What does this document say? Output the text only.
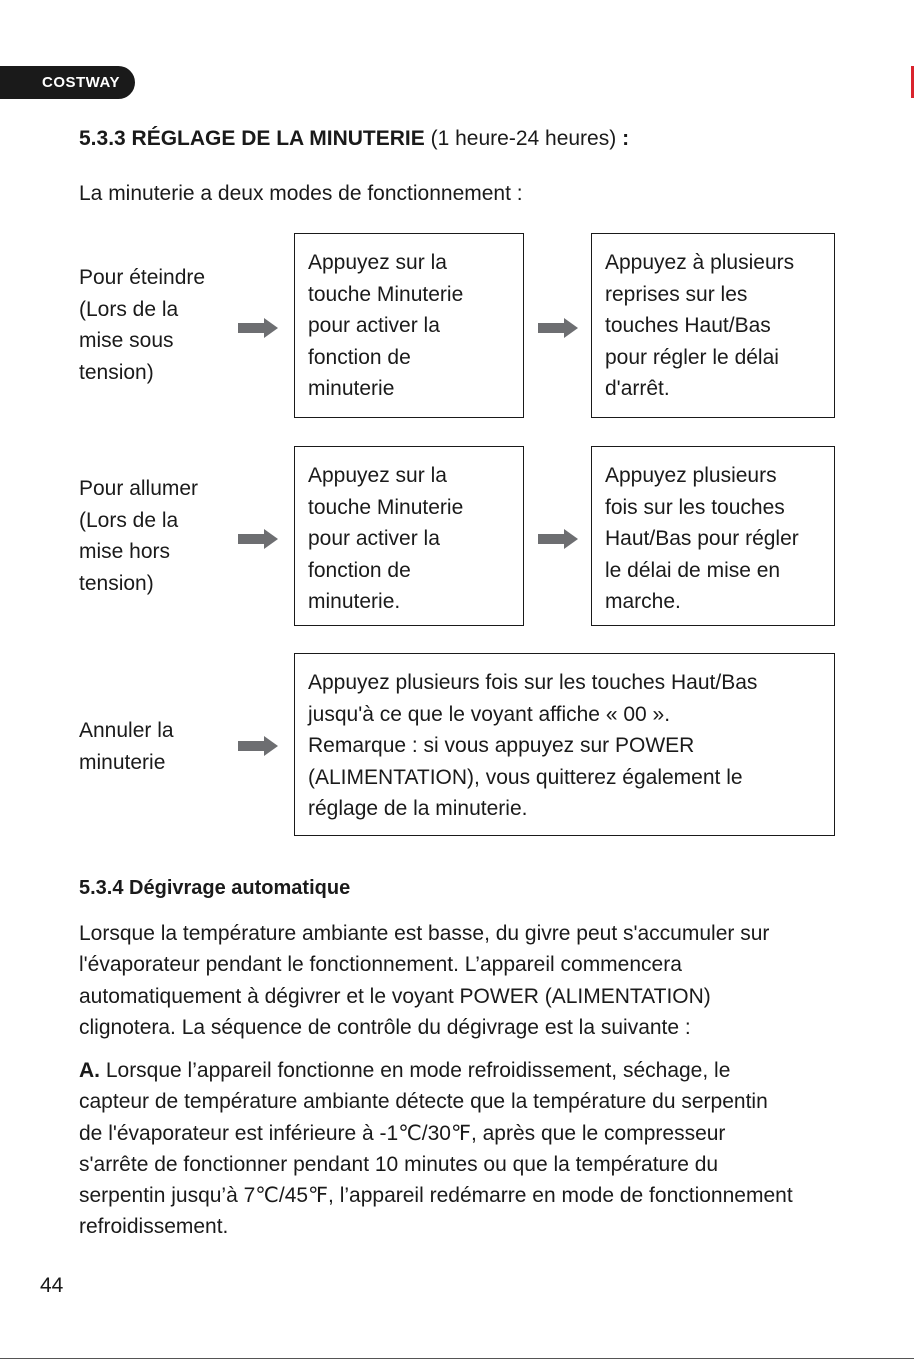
COSTWAY
5.3.3 RÉGLAGE DE LA MINUTERIE (1 heure-24 heures) :
La minuterie a deux modes de fonctionnement :
Pour éteindre
(Lors de la
mise sous
tension)
Appuyez sur la
touche Minuterie
pour activer la
fonction de
minuterie
Appuyez à plusieurs
reprises sur les
touches Haut/Bas
pour régler le délai
d'arrêt.
Pour allumer
(Lors de la
mise hors
tension)
Appuyez sur la
touche Minuterie
pour activer la
fonction de
minuterie.
Appuyez plusieurs
fois sur les touches
Haut/Bas pour régler
le délai de mise en
marche.
Annuler la
minuterie
Appuyez plusieurs fois sur les touches Haut/Bas
jusqu'à ce que le voyant affiche « 00 ».
Remarque : si vous appuyez sur POWER
(ALIMENTATION), vous quitterez également le
réglage de la minuterie.
5.3.4 Dégivrage automatique
Lorsque la température ambiante est basse, du givre peut s'accumuler sur
l'évaporateur pendant le fonctionnement. L’appareil commencera
automatiquement à dégivrer et le voyant POWER (ALIMENTATION)
clignotera. La séquence de contrôle du dégivrage est la suivante :
A. Lorsque l’appareil fonctionne en mode refroidissement, séchage, le
capteur de température ambiante détecte que la température du serpentin
de l'évaporateur est inférieure à -1℃/30℉, après que le compresseur
s'arrête de fonctionner pendant 10 minutes ou que la température du
serpentin jusqu’à 7℃/45℉, l’appareil redémarre en mode de fonctionnement
refroidissement.
44
